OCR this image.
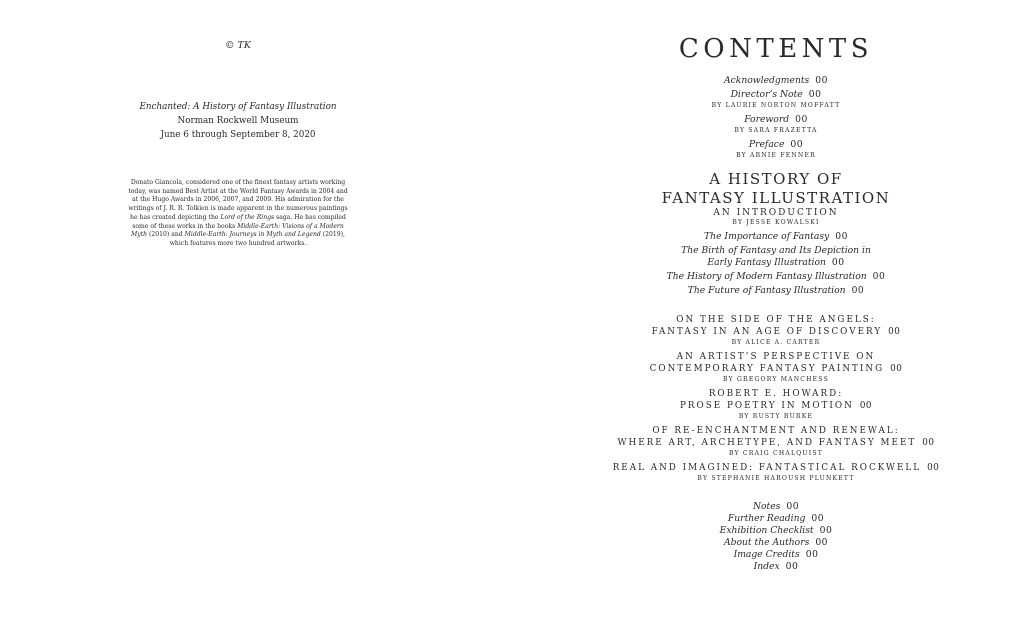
© TK
Enchanted: A History of Fantasy Illustration
Norman Rockwell Museum
June 6 through September 8, 2020
Donato Giancola, considered one of the finest fantasy artists working today, was named Best Artist at the World Fantasy Awards in 2004 and at the Hugo Awards in 2006, 2007, and 2009. His admiration for the writings of J. R. R. Tolkien is made apparent in the numerous paintings he has created depicting the Lord of the Rings saga. He has compiled some of these works in the books Middle-Earth: Visions of a Modern Myth (2010) and Middle-Earth: Journeys in Myth and Legend (2019), which features more two hundred artworks.
CONTENTS
Acknowledgments 00
Director’s Note 00
BY LAURIE NORTON MOFFATT
Foreword 00
BY SARA FRAZETTA
Preface 00
BY ARNIE FENNER
A HISTORY OF
FANTASY ILLUSTRATION
AN INTRODUCTION
BY JESSE KOWALSKI
The Importance of Fantasy 00
The Birth of Fantasy and Its Depiction in
Early Fantasy Illustration 00
The History of Modern Fantasy Illustration 00
The Future of Fantasy Illustration 00
ON THE SIDE OF THE ANGELS:
FANTASY IN AN AGE OF DISCOVERY 00
BY ALICE A. CARTER
AN ARTIST’S PERSPECTIVE ON
CONTEMPORARY FANTASY PAINTING 00
BY GREGORY MANCHESS
ROBERT E. HOWARD:
PROSE POETRY IN MOTION 00
BY RUSTY BURKE
OF RE-ENCHANTMENT AND RENEWAL:
WHERE ART, ARCHETYPE, AND FANTASY MEET 00
BY CRAIG CHALQUIST
REAL AND IMAGINED: FANTASTICAL ROCKWELL 00
BY STEPHANIE HAROUSH PLUNKETT
Notes 00
Further Reading 00
Exhibition Checklist 00
About the Authors 00
Image Credits 00
Index 00
